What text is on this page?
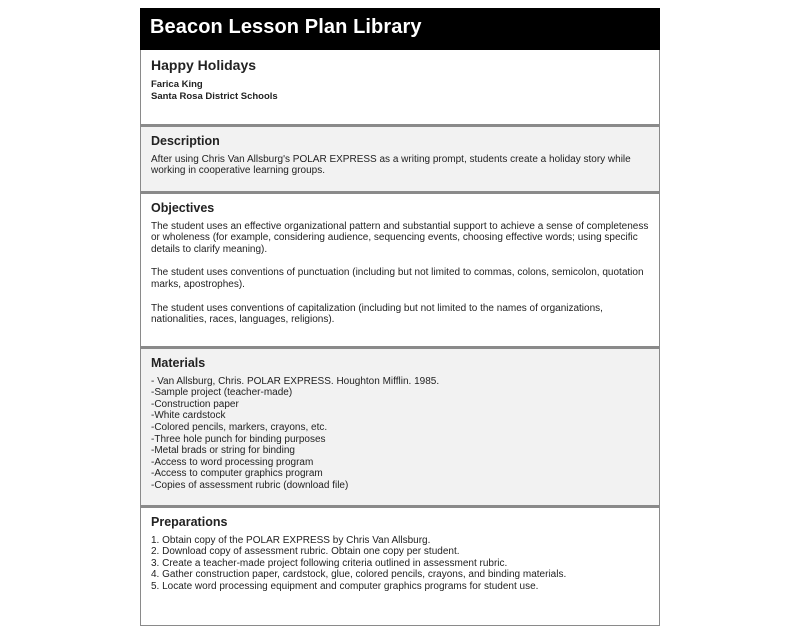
Beacon Lesson Plan Library
Happy Holidays
Farica King
Santa Rosa District Schools
Description
After using Chris Van Allsburg's POLAR EXPRESS as a writing prompt, students create a holiday story while working in cooperative learning groups.
Objectives

The student uses an effective organizational pattern and substantial support to achieve a sense of completeness or wholeness (for example, considering audience, sequencing events, choosing effective words; using specific details to clarify meaning).

The student uses conventions of punctuation (including but not limited to commas, colons, semicolon, quotation marks, apostrophes).

The student uses conventions of capitalization (including but not limited to the names of organizations, nationalities, races, languages, religions).

Materials

- Van Allsburg, Chris. POLAR EXPRESS. Houghton Mifflin. 1985.

-Sample project (teacher-made)

-Construction paper

-White cardstock

-Colored pencils, markers, crayons, etc.

-Three hole punch for binding purposes

-Metal brads or string for binding

-Access to word processing program

-Access to computer graphics program

-Copies of assessment rubric (download file)

Preparations

1. Obtain copy of the POLAR EXPRESS by Chris Van Allsburg.

2. Download copy of assessment rubric. Obtain one copy per student.

3. Create a teacher-made project following criteria outlined in assessment rubric.

4. Gather construction paper, cardstock, glue, colored pencils, crayons, and binding materials.

5. Locate word processing equipment and computer graphics programs for student use.
